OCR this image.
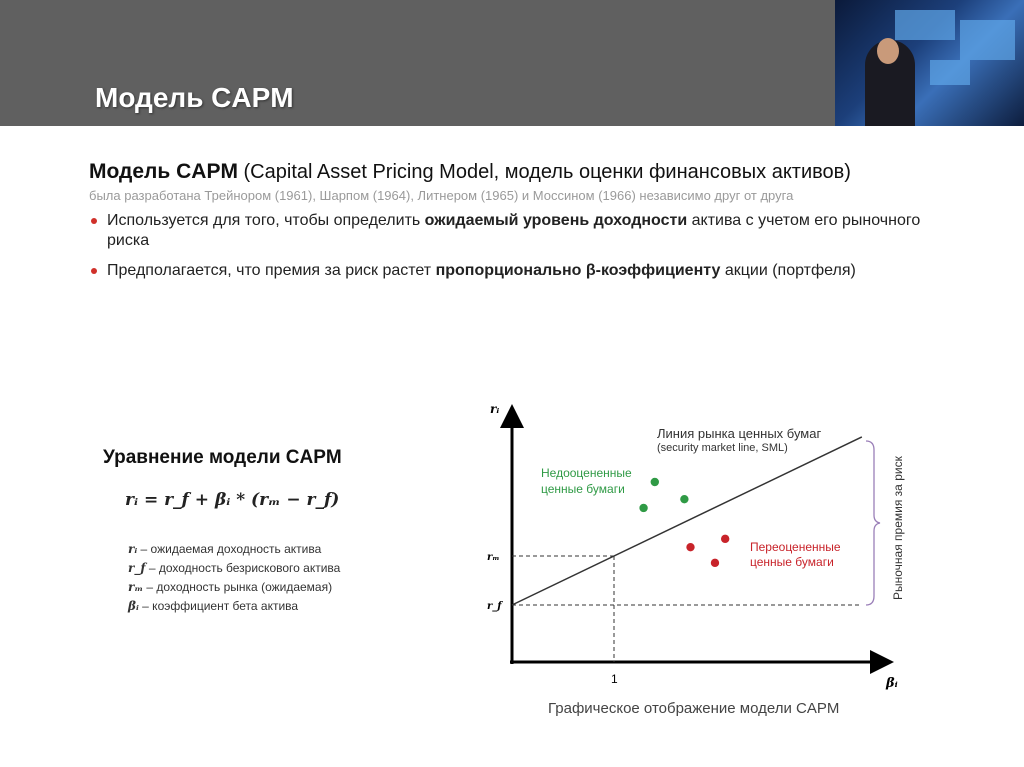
Модель CAPM
Модель CAPM (Capital Asset Pricing Model, модель оценки финансовых активов)
была разработана Трейнором (1961), Шарпом (1964), Литнером (1965) и Моссином (1966) независимо друг от друга
Используется для того, чтобы определить ожидаемый уровень доходности актива с учетом его рыночного риска
Предполагается, что премия за риск растет пропорционально β-коэффициенту акции (портфеля)
Уравнение модели CAPM
rᵢ = r_f + βᵢ * (rₘ − r_f)
rᵢ – ожидаемая доходность актива
r_f – доходность безрискового актива
rₘ – доходность рынка (ожидаемая)
βᵢ – коэффициент бета актива
rᵢ
βᵢ
r_f
rₘ
1
Линия рынка ценных бумаг
(security market line, SML)
Недооцененные
ценные бумаги
Переоцененные
ценные бумаги	Рыночная премия за риск
Графическое отображение модели CAPM
